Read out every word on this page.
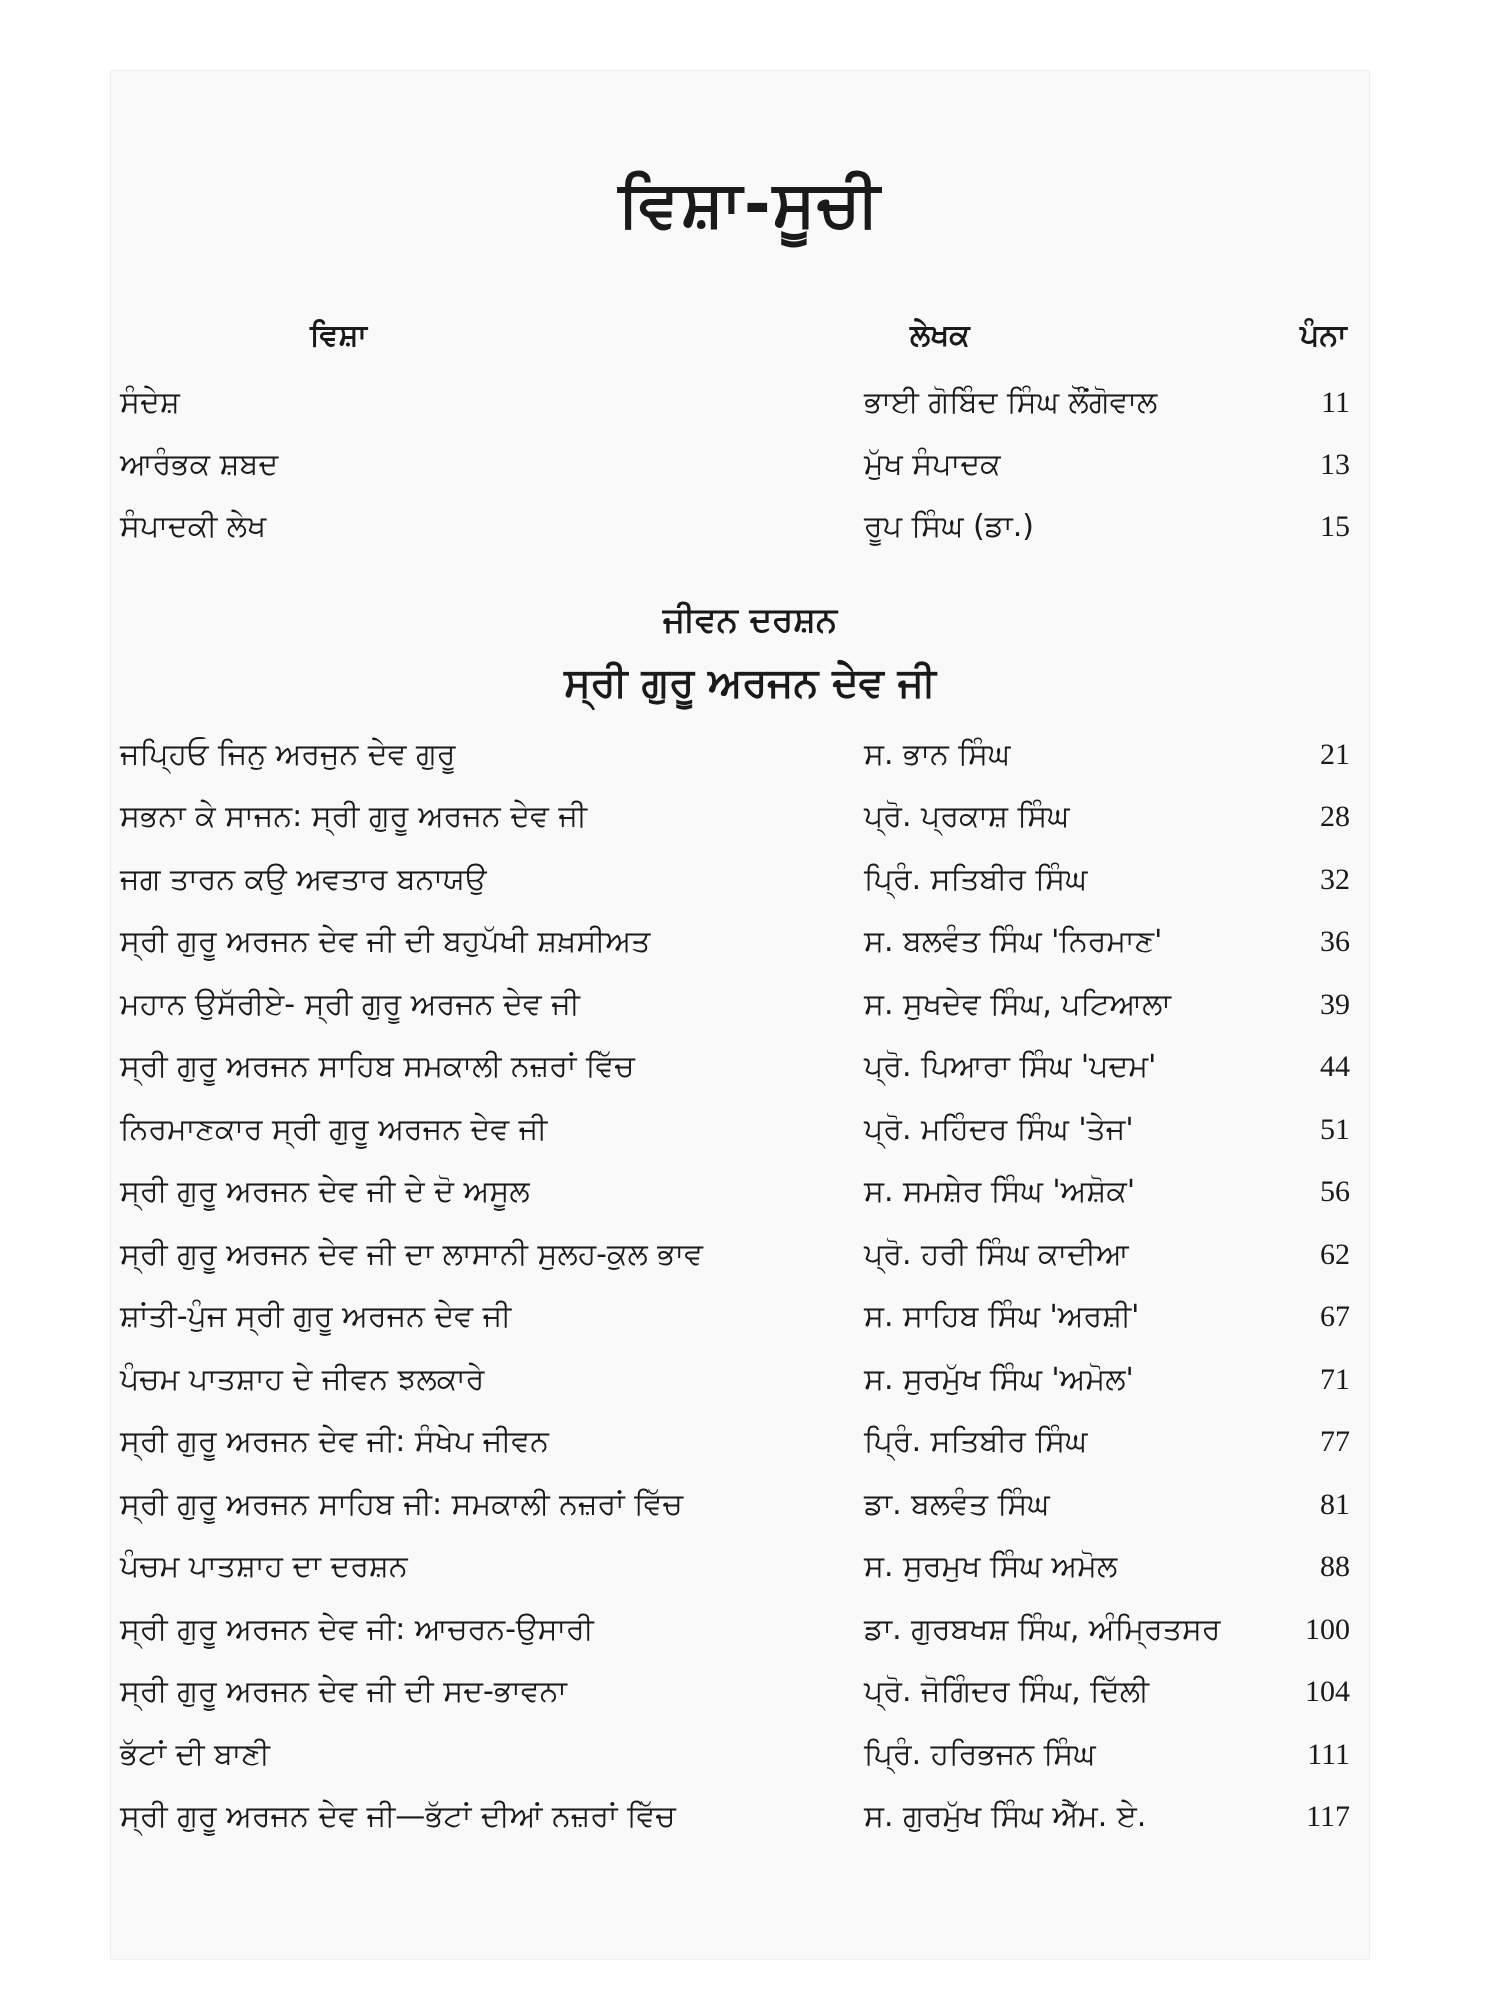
ਵਿਸ਼ਾ-ਸੂਚੀ
ਵਿਸ਼ਾ	ਲੇਖਕ	ਪੰਨਾ
ਸੰਦੇਸ਼	ਭਾਈ ਗੋਬਿੰਦ ਸਿੰਘ ਲੌਂਗੋਵਾਲ	11
ਆਰੰਭਕ ਸ਼ਬਦ	ਮੁੱਖ ਸੰਪਾਦਕ	13
ਸੰਪਾਦਕੀ ਲੇਖ	ਰੂਪ ਸਿੰਘ (ਡਾ.)	15
ਜੀਵਨ ਦਰਸ਼ਨ
ਸ੍ਰੀ ਗੁਰੂ ਅਰਜਨ ਦੇਵ ਜੀ
ਜਪ੍ਹਿਓ ਜਿਨੁ ਅਰਜੁਨ ਦੇਵ ਗੁਰੂ	ਸ. ਭਾਨ ਸਿੰਘ	21
ਸਭਨਾ ਕੇ ਸਾਜਨ: ਸ੍ਰੀ ਗੁਰੂ ਅਰਜਨ ਦੇਵ ਜੀ	ਪ੍ਰੋ. ਪ੍ਰਕਾਸ਼ ਸਿੰਘ	28
ਜਗ ਤਾਰਨ ਕਉ ਅਵਤਾਰ ਬਨਾਯਉ	ਪ੍ਰਿੰ. ਸਤਿਬੀਰ ਸਿੰਘ	32
ਸ੍ਰੀ ਗੁਰੂ ਅਰਜਨ ਦੇਵ ਜੀ ਦੀ ਬਹੁਪੱਖੀ ਸ਼ਖ਼ਸੀਅਤ	ਸ. ਬਲਵੰਤ ਸਿੰਘ 'ਨਿਰਮਾਣ'	36
ਮਹਾਨ ਉਸੱਰੀਏ- ਸ੍ਰੀ ਗੁਰੂ ਅਰਜਨ ਦੇਵ ਜੀ	ਸ. ਸੁਖਦੇਵ ਸਿੰਘ, ਪਟਿਆਲਾ	39
ਸ੍ਰੀ ਗੁਰੂ ਅਰਜਨ ਸਾਹਿਬ ਸਮਕਾਲੀ ਨਜ਼ਰਾਂ ਵਿੱਚ	ਪ੍ਰੋ. ਪਿਆਰਾ ਸਿੰਘ 'ਪਦਮ'	44
ਨਿਰਮਾਣਕਾਰ ਸ੍ਰੀ ਗੁਰੂ ਅਰਜਨ ਦੇਵ ਜੀ	ਪ੍ਰੋ. ਮਹਿੰਦਰ ਸਿੰਘ 'ਤੇਜ'	51
ਸ੍ਰੀ ਗੁਰੂ ਅਰਜਨ ਦੇਵ ਜੀ ਦੇ ਦੋ ਅਸੂਲ	ਸ. ਸਮਸ਼ੇਰ ਸਿੰਘ 'ਅਸ਼ੋਕ'	56
ਸ੍ਰੀ ਗੁਰੂ ਅਰਜਨ ਦੇਵ ਜੀ ਦਾ ਲਾਸਾਨੀ ਸੁਲਹ-ਕੁਲ ਭਾਵ	ਪ੍ਰੋ. ਹਰੀ ਸਿੰਘ ਕਾਦੀਆ	62
ਸ਼ਾਂਤੀ-ਪੁੰਜ ਸ੍ਰੀ ਗੁਰੂ ਅਰਜਨ ਦੇਵ ਜੀ	ਸ. ਸਾਹਿਬ ਸਿੰਘ 'ਅਰਸ਼ੀ'	67
ਪੰਚਮ ਪਾਤਸ਼ਾਹ ਦੇ ਜੀਵਨ ਝਲਕਾਰੇ	ਸ. ਸੁਰਮੁੱਖ ਸਿੰਘ 'ਅਮੋਲ'	71
ਸ੍ਰੀ ਗੁਰੂ ਅਰਜਨ ਦੇਵ ਜੀ: ਸੰਖੇਪ ਜੀਵਨ	ਪ੍ਰਿੰ. ਸਤਿਬੀਰ ਸਿੰਘ	77
ਸ੍ਰੀ ਗੁਰੂ ਅਰਜਨ ਸਾਹਿਬ ਜੀ: ਸਮਕਾਲੀ ਨਜ਼ਰਾਂ ਵਿੱਚ	ਡਾ. ਬਲਵੰਤ ਸਿੰਘ	81
ਪੰਚਮ ਪਾਤਸ਼ਾਹ ਦਾ ਦਰਸ਼ਨ	ਸ. ਸੁਰਮੁਖ ਸਿੰਘ ਅਮੋਲ	88
ਸ੍ਰੀ ਗੁਰੂ ਅਰਜਨ ਦੇਵ ਜੀ: ਆਚਰਨ-ਉਸਾਰੀ	ਡਾ. ਗੁਰਬਖਸ਼ ਸਿੰਘ, ਅੰਮ੍ਰਿਤਸਰ	100
ਸ੍ਰੀ ਗੁਰੂ ਅਰਜਨ ਦੇਵ ਜੀ ਦੀ ਸਦ-ਭਾਵਨਾ	ਪ੍ਰੋ. ਜੋਗਿੰਦਰ ਸਿੰਘ, ਦਿੱਲੀ	104
ਭੱਟਾਂ ਦੀ ਬਾਣੀ	ਪ੍ਰਿੰ. ਹਰਿਭਜਨ ਸਿੰਘ	111
ਸ੍ਰੀ ਗੁਰੂ ਅਰਜਨ ਦੇਵ ਜੀ—ਭੱਟਾਂ ਦੀਆਂ ਨਜ਼ਰਾਂ ਵਿੱਚ	ਸ. ਗੁਰਮੁੱਖ ਸਿੰਘ ਐੱਮ. ਏ.	117
